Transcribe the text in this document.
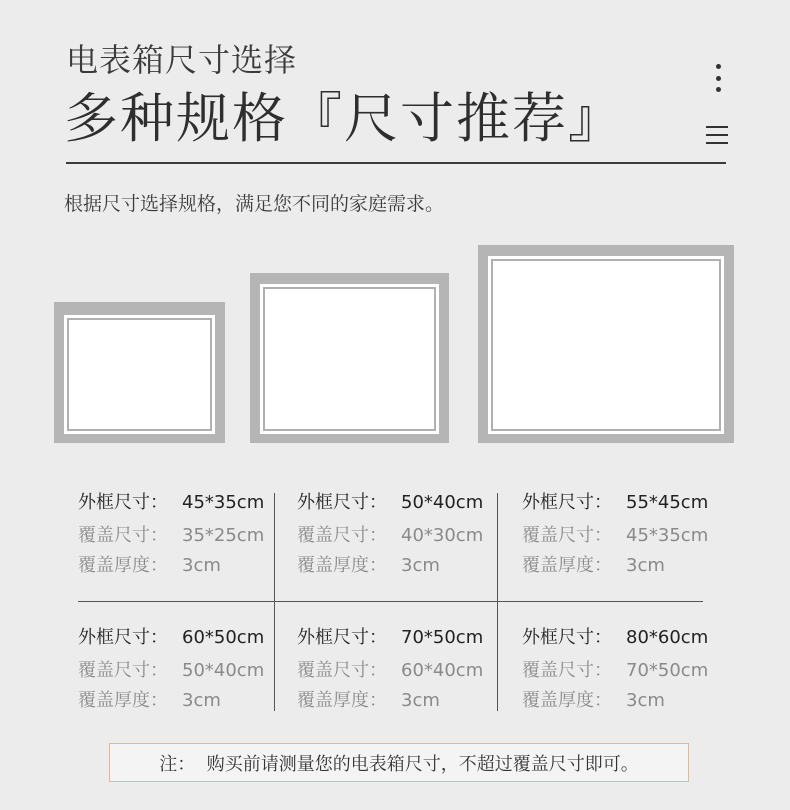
电表箱尺寸选择
多种规格『尺寸推荐』
根据尺寸选择规格，满足您不同的家庭需求。
外框尺寸： 45*35cm
覆盖尺寸： 35*25cm
覆盖厚度： 3cm
外框尺寸： 50*40cm
覆盖尺寸： 40*30cm
覆盖厚度： 3cm
外框尺寸： 55*45cm
覆盖尺寸： 45*35cm
覆盖厚度： 3cm
外框尺寸： 60*50cm
覆盖尺寸： 50*40cm
覆盖厚度： 3cm
外框尺寸： 70*50cm
覆盖尺寸： 60*40cm
覆盖厚度： 3cm
外框尺寸： 80*60cm
覆盖尺寸： 70*50cm
覆盖厚度： 3cm
注：  购买前请测量您的电表箱尺寸，不超过覆盖尺寸即可。
